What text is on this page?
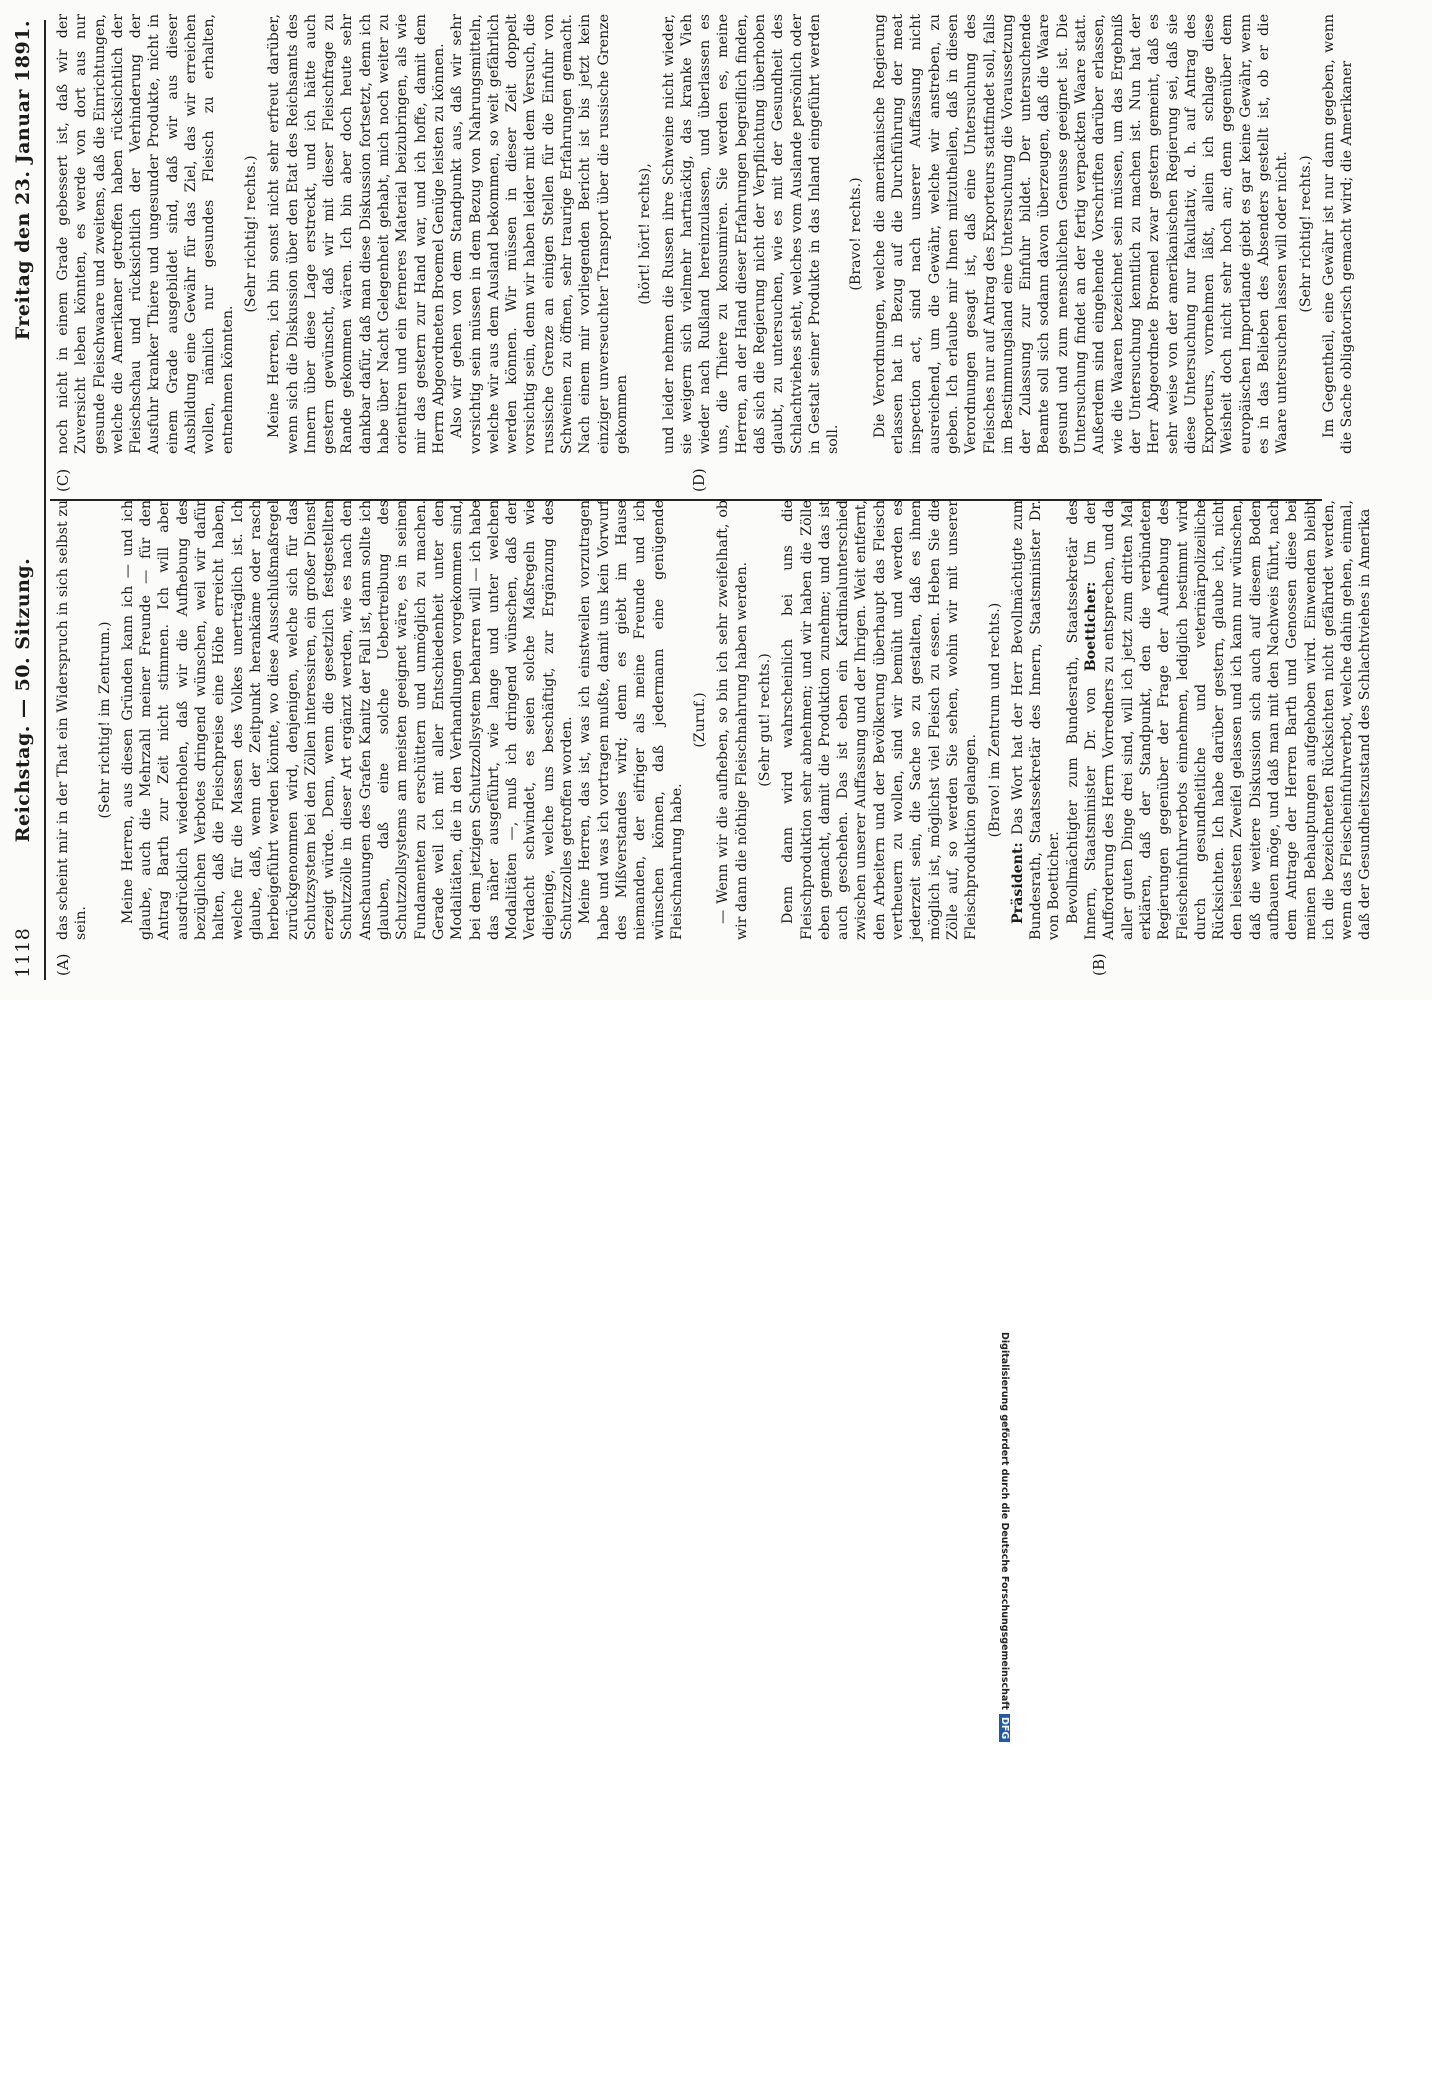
1118
Reichstag. — 50. Sitzung.
Freitag den 23. Januar 1891.
(A)	(B)
(C)	(D)

das scheint mir in der That ein Widerspruch in sich selbst zu sein.

(Sehr richtig! im Zentrum.) Meine Herren, aus diesen Gründen kann ich — und ich glaube, auch die Mehrzahl meiner Freunde — für den Antrag Barth zur Zeit nicht stimmen. Ich will aber ausdrücklich wiederholen, daß wir die Aufhebung des bezüglichen Verbotes dringend wünschen, weil wir dafür halten, daß die Fleischpreise eine Höhe erreicht haben, welche für die Massen des Volkes unerträglich ist. Ich glaube, daß, wenn der Zeitpunkt herankäme oder rasch herbeigeführt werden könnte, wo diese Ausschlußmaßregel zurückgenommen wird, denjenigen, welche sich für das Schutzsystem bei den Zöllen interessiren, ein großer Dienst erzeigt würde. Denn, wenn die gesetzlich festgestellten Schutzzölle in dieser Art ergänzt werden, wie es nach den Anschauungen des Grafen Kanitz der Fall ist, dann sollte ich glauben, daß eine solche Uebertreibung des Schutzzollsystems am meisten geeignet wäre, es in seinen Fundamenten zu erschüttern und unmöglich zu machen. Gerade weil ich mit aller Entschiedenheit unter den Modalitäten, die in den Verhandlungen vorgekommen sind, bei dem jetzigen Schutzzollsystem beharren will — ich habe das näher ausgeführt, wie lange und unter welchen Modalitäten —, muß ich dringend wünschen, daß der Verdacht schwindet, es seien solche Maßregeln wie diejenige, welche uns beschäftigt, zur Ergänzung des Schutzzolles getroffen worden. Meine Herren, das ist, was ich einstweilen vorzutragen habe und was ich vortragen mußte, damit uns kein Vorwurf des Mißverstandes wird; denn es giebt im Hause niemanden, der eifriger als meine Freunde und ich wünschen können, daß jedermann eine genügende Fleischnahrung habe.

(Zuruf.) — Wenn wir die aufheben, so bin ich sehr zweifelhaft, ob wir dann die nöthige Fleischnahrung haben werden. (Sehr gut! rechts.) Denn dann wird wahrscheinlich bei uns die Fleischproduktion sehr abnehmen; und wir haben die Zölle eben gemacht, damit die Produktion zunehme; und das ist auch geschehen. Das ist eben ein Kardinalunterschied zwischen unserer Auffassung und der Ihrigen. Weit entfernt, den Arbeitern und der Bevölkerung überhaupt das Fleisch vertheuern zu wollen, sind wir bemüht und werden es jederzeit sein, die Sache so zu gestalten, daß es ihnen möglich ist, möglichst viel Fleisch zu essen. Heben Sie die Zölle auf, so werden Sie sehen, wohin wir mit unserer Fleischproduktion gelangen. (Bravo! im Zentrum und rechts.)

Präsident: Das Wort hat der Herr Bevollmächtigte zum Bundesrath, Staatssekretär des Innern, Staatsminister Dr. von Boetticher. Bevollmächtigter zum Bundesrath, Staatssekretär des Innern, Staatsminister Dr. von Boetticher: Um der Aufforderung des Herrn Vorredners zu entsprechen, und da aller guten Dinge drei sind, will ich jetzt zum dritten Mal erklären, daß der Standpunkt, den die verbündeten Regierungen gegenüber der Frage der Aufhebung des Fleischeinfuhrverbots einnehmen, lediglich bestimmt wird durch gesundheitliche und veterinärpolizeiliche Rücksichten. Ich habe darüber gestern, glaube ich, nicht den leisesten Zweifel gelassen und ich kann nur wünschen, daß die weitere Diskussion sich auch auf diesem Boden aufbauen möge, und daß man mit den Nachweis führt, nach dem Antrage der Herren Barth und Genossen diese bei meinen Behauptungen aufgehoben wird. Einwenden bleibt ich die bezeichneten Rücksichten nicht gefährdet werden, wenn das Fleischeinfuhrverbot, welche dahin gehen, einmal, daß der Gesundheitszustand des Schlachtviehes in Amerika

noch nicht in einem Grade gebessert ist, daß wir der Zuversicht leben könnten, es werde von dort aus nur gesunde Fleischwaare und zweitens, daß die Einrichtungen, welche die Amerikaner getroffen haben rücksichtlich der Fleischschau und rücksichtlich der Verhinderung der Ausfuhr kranker Thiere und ungesunder Produkte, nicht in einem Grade ausgebildet sind, daß wir aus dieser Ausbildung eine Gewähr für das Ziel, das wir erreichen wollen, nämlich nur gesundes Fleisch zu erhalten, entnehmen könnten.

(Sehr richtig! rechts.) Meine Herren, ich bin sonst nicht sehr erfreut darüber, wenn sich die Diskussion über den Etat des Reichsamts des Innern über diese Lage erstreckt, und ich hätte auch gestern gewünscht, daß wir mit dieser Fleischfrage zu Rande gekommen wären. Ich bin aber doch heute sehr dankbar dafür, daß man diese Diskussion fortsetzt, denn ich habe über Nacht Gelegenheit gehabt, mich noch weiter zu orientiren und ein ferneres Material beizubringen, als wie mir das gestern zur Hand war, und ich hoffe, damit dem Herrn Abgeordneten Broemel Genüge leisten zu können. Also wir gehen von dem Standpunkt aus, daß wir sehr vorsichtig sein müssen in dem Bezug von Nahrungsmitteln, welche wir aus dem Ausland bekommen, so weit gefährlich werden können. Wir müssen in dieser Zeit doppelt vorsichtig sein, denn wir haben leider mit dem Versuch, die russische Grenze an einigen Stellen für die Einfuhr von Schweinen zu öffnen, sehr traurige Erfahrungen gemacht. Nach einem mir vorliegenden Bericht ist bis jetzt kein einziger unverseuchter Transport über die russische Grenze gekommen

(hört! hört! rechts), und leider nehmen die Russen ihre Schweine nicht wieder, sie weigern sich vielmehr hartnäckig, das kranke Vieh wieder nach Rußland hereinzulassen, und überlassen es uns, die Thiere zu konsumiren. Sie werden es, meine Herren, an der Hand dieser Erfahrungen begreiflich finden, daß sich die Regierung nicht der Verpflichtung überhoben glaubt, zu untersuchen, wie es mit der Gesundheit des Schlachtviehes steht, welches vom Auslande persönlich oder in Gestalt seiner Produkte in das Inland eingeführt werden soll.

(Bravo! rechts.) Die Verordnungen, welche die amerikanische Regierung erlassen hat in Bezug auf die Durchführung der meat inspection act, sind nach unserer Auffassung nicht ausreichend, um die Gewähr, welche wir anstreben, zu geben. Ich erlaube mir Ihnen mitzutheilen, daß in diesen Verordnungen gesagt ist, daß eine Untersuchung des Fleisches nur auf Antrag des Exporteurs stattfindet soll, falls im Bestimmungsland eine Untersuchung die Voraussetzung der Zulassung zur Einfuhr bildet. Der untersuchende Beamte soll sich sodann davon überzeugen, daß die Waare gesund und zum menschlichen Genusse geeignet ist. Die Untersuchung findet an der fertig verpackten Waare statt. Außerdem sind eingehende Vorschriften darüber erlassen, wie die Waaren bezeichnet sein müssen, um das Ergebniß der Untersuchung kenntlich zu machen ist. Nun hat der Herr Abgeordnete Broemel zwar gestern gemeint, daß es sehr weise von der amerikanischen Regierung sei, daß sie diese Untersuchung nur fakultativ, d. h. auf Antrag des Exporteurs, vornehmen läßt, allein ich schlage diese Weisheit doch nicht sehr hoch an; denn gegenüber dem europäischen Importlande giebt es gar keine Gewähr, wenn es in das Belieben des Absenders gestellt ist, ob er die Waare untersuchen lassen will oder nicht. (Sehr richtig! rechts.) Im Gegentheil, eine Gewähr ist nur dann gegeben, wenn die Sache obligatorisch gemacht wird; die Amerikaner

Digitalisierung gefördert durch die Deutsche ForschungsgemeinschaftDFG
